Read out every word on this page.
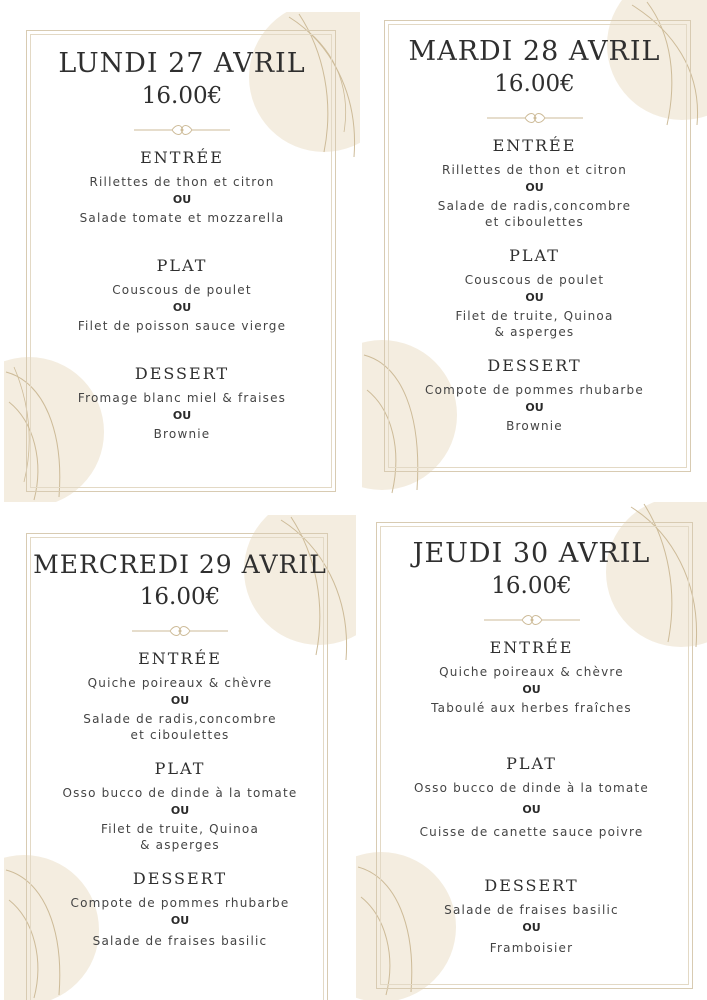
LUNDI 27 AVRIL

16.00€

ENTRÉE

Rillettes de thon et citron

OU

Salade tomate et mozzarella

PLAT

Couscous de poulet

OU

Filet de poisson sauce vierge

DESSERT

Fromage blanc miel & fraises

OU

Brownie

MARDI 28 AVRIL

16.00€

ENTRÉE

Rillettes de thon et citron

OU

Salade de radis,concombre

et ciboulettes

PLAT

Couscous de poulet

OU

Filet de truite, Quinoa

& asperges

DESSERT

Compote de pommes rhubarbe

OU

Brownie

MERCREDI 29 AVRIL

16.00€

ENTRÉE

Quiche poireaux & chèvre

OU

Salade de radis,concombre

et ciboulettes

PLAT

Osso bucco de dinde à la tomate

OU

Filet de truite, Quinoa

& asperges

DESSERT

Compote de pommes rhubarbe

OU

Salade de fraises basilic

JEUDI 30 AVRIL

16.00€

ENTRÉE

Quiche poireaux & chèvre

OU

Taboulé aux herbes fraîches

PLAT

Osso bucco de dinde à la tomate

OU

Cuisse de canette sauce poivre

DESSERT

Salade de fraises basilic

OU

Framboisier
